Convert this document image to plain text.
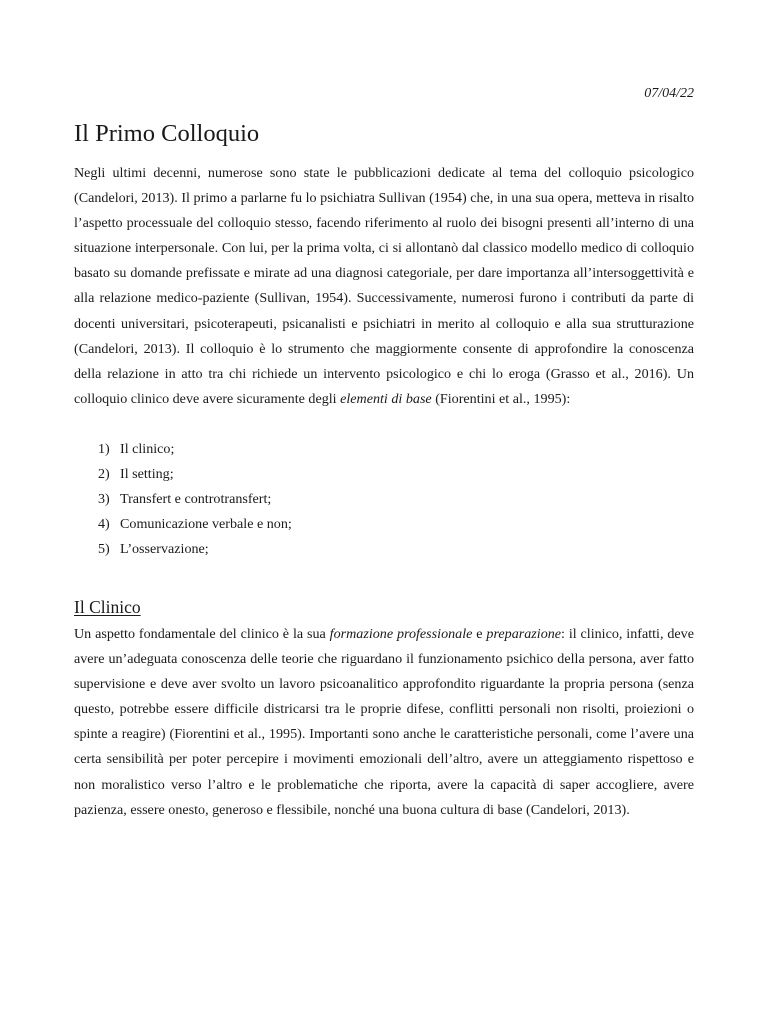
07/04/22
Il Primo Colloquio

Negli ultimi decenni, numerose sono state le pubblicazioni dedicate al tema del colloquio psicologico (Candelori, 2013). Il primo a parlarne fu lo psichiatra Sullivan (1954) che, in una sua opera, metteva in risalto l’aspetto processuale del colloquio stesso, facendo riferimento al ruolo dei bisogni presenti all’interno di una situazione interpersonale. Con lui, per la prima volta, ci si allontanò dal classico modello medico di colloquio basato su domande prefissate e mirate ad una diagnosi categoriale, per dare importanza all’intersoggettività e alla relazione medico-paziente (Sullivan, 1954). Successivamente, numerosi furono i contributi da parte di docenti universitari, psicoterapeuti, psicanalisti e psichiatri in merito al colloquio e alla sua strutturazione (Candelori, 2013). Il colloquio è lo strumento che maggiormente consente di approfondire la conoscenza della relazione in atto tra chi richiede un intervento psicologico e chi lo eroga (Grasso et al., 2016). Un colloquio clinico deve avere sicuramente degli elementi di base (Fiorentini et al., 1995):

1) Il clinico;
2) Il setting;
3) Transfert e controtransfert;
4) Comunicazione verbale e non;
5) L’osservazione;
Il Clinico

Un aspetto fondamentale del clinico è la sua formazione professionale e preparazione: il clinico, infatti, deve avere un’adeguata conoscenza delle teorie che riguardano il funzionamento psichico della persona, aver fatto supervisione e deve aver svolto un lavoro psicoanalitico approfondito riguardante la propria persona (senza questo, potrebbe essere difficile districarsi tra le proprie difese, conflitti personali non risolti, proiezioni o spinte a reagire) (Fiorentini et al., 1995). Importanti sono anche le caratteristiche personali, come l’avere una certa sensibilità per poter percepire i movimenti emozionali dell’altro, avere un atteggiamento rispettoso e non moralistico verso l’altro e le problematiche che riporta, avere la capacità di saper accogliere, avere pazienza, essere onesto, generoso e flessibile, nonché una buona cultura di base (Candelori, 2013).
